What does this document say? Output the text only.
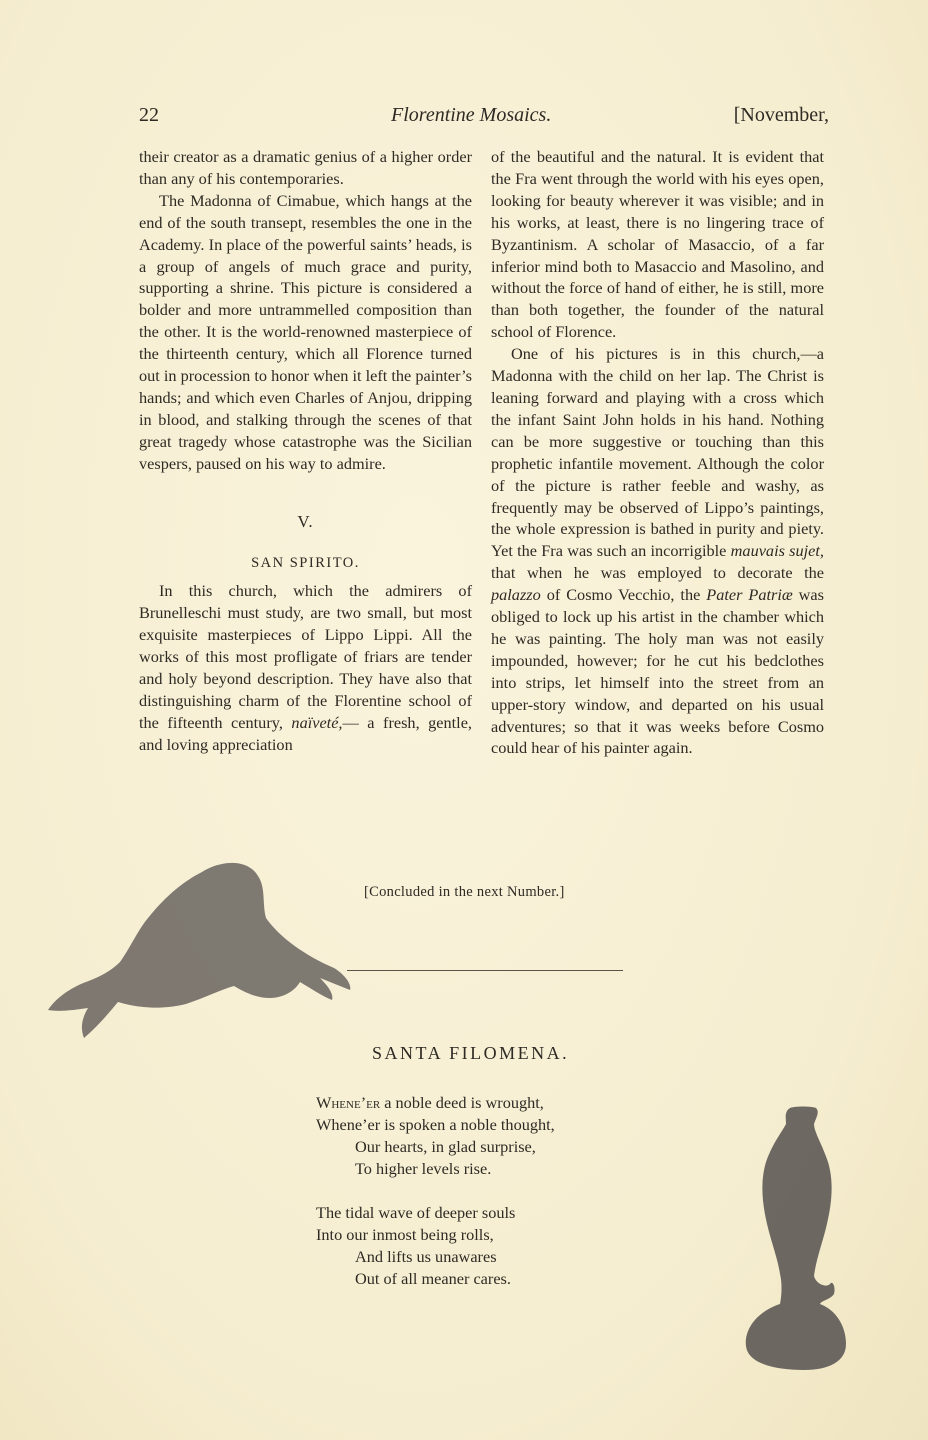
22	Florentine Mosaics.	[November,

their creator as a dramatic genius of a higher order than any of his contemporaries.

The Madonna of Cimabue, which hangs at the end of the south transept, resembles the one in the Academy. In place of the powerful saints’ heads, is a group of angels of much grace and purity, supporting a shrine. This picture is considered a bolder and more untrammelled composition than the other. It is the world-renowned masterpiece of the thirteenth century, which all Florence turned out in procession to honor when it left the painter’s hands; and which even Charles of Anjou, dripping in blood, and stalking through the scenes of that great tragedy whose catastrophe was the Sicilian vespers, paused on his way to admire.

V.
SAN SPIRITO.

In this church, which the admirers of Brunelleschi must study, are two small, but most exquisite masterpieces of Lippo Lippi. All the works of this most profligate of friars are tender and holy beyond description. They have also that distinguishing charm of the Florentine school of the fifteenth century, naïveté,— a fresh, gentle, and loving appreciation

of the beautiful and the natural. It is evident that the Fra went through the world with his eyes open, looking for beauty wherever it was visible; and in his works, at least, there is no lingering trace of Byzantinism. A scholar of Masaccio, of a far inferior mind both to Masaccio and Masolino, and without the force of hand of either, he is still, more than both together, the founder of the natural school of Florence.

One of his pictures is in this church,—a Madonna with the child on her lap. The Christ is leaning forward and playing with a cross which the infant Saint John holds in his hand. Nothing can be more suggestive or touching than this prophetic infantile movement. Although the color of the picture is rather feeble and washy, as frequently may be observed of Lippo’s paintings, the whole expression is bathed in purity and piety. Yet the Fra was such an incorrigible mauvais sujet, that when he was employed to decorate the palazzo of Cosmo Vecchio, the Pater Patriæ was obliged to lock up his artist in the chamber which he was painting. The holy man was not easily impounded, however; for he cut his bedclothes into strips, let himself into the street from an upper-story window, and departed on his usual adventures; so that it was weeks before Cosmo could hear of his painter again.

[Concluded in the next Number.]
SANTA FILOMENA.
Whene’er a noble deed is wrought,
Whene’er is spoken a noble thought,
Our hearts, in glad surprise,
To higher levels rise.
The tidal wave of deeper souls
Into our inmost being rolls,
And lifts us unawares
Out of all meaner cares.
